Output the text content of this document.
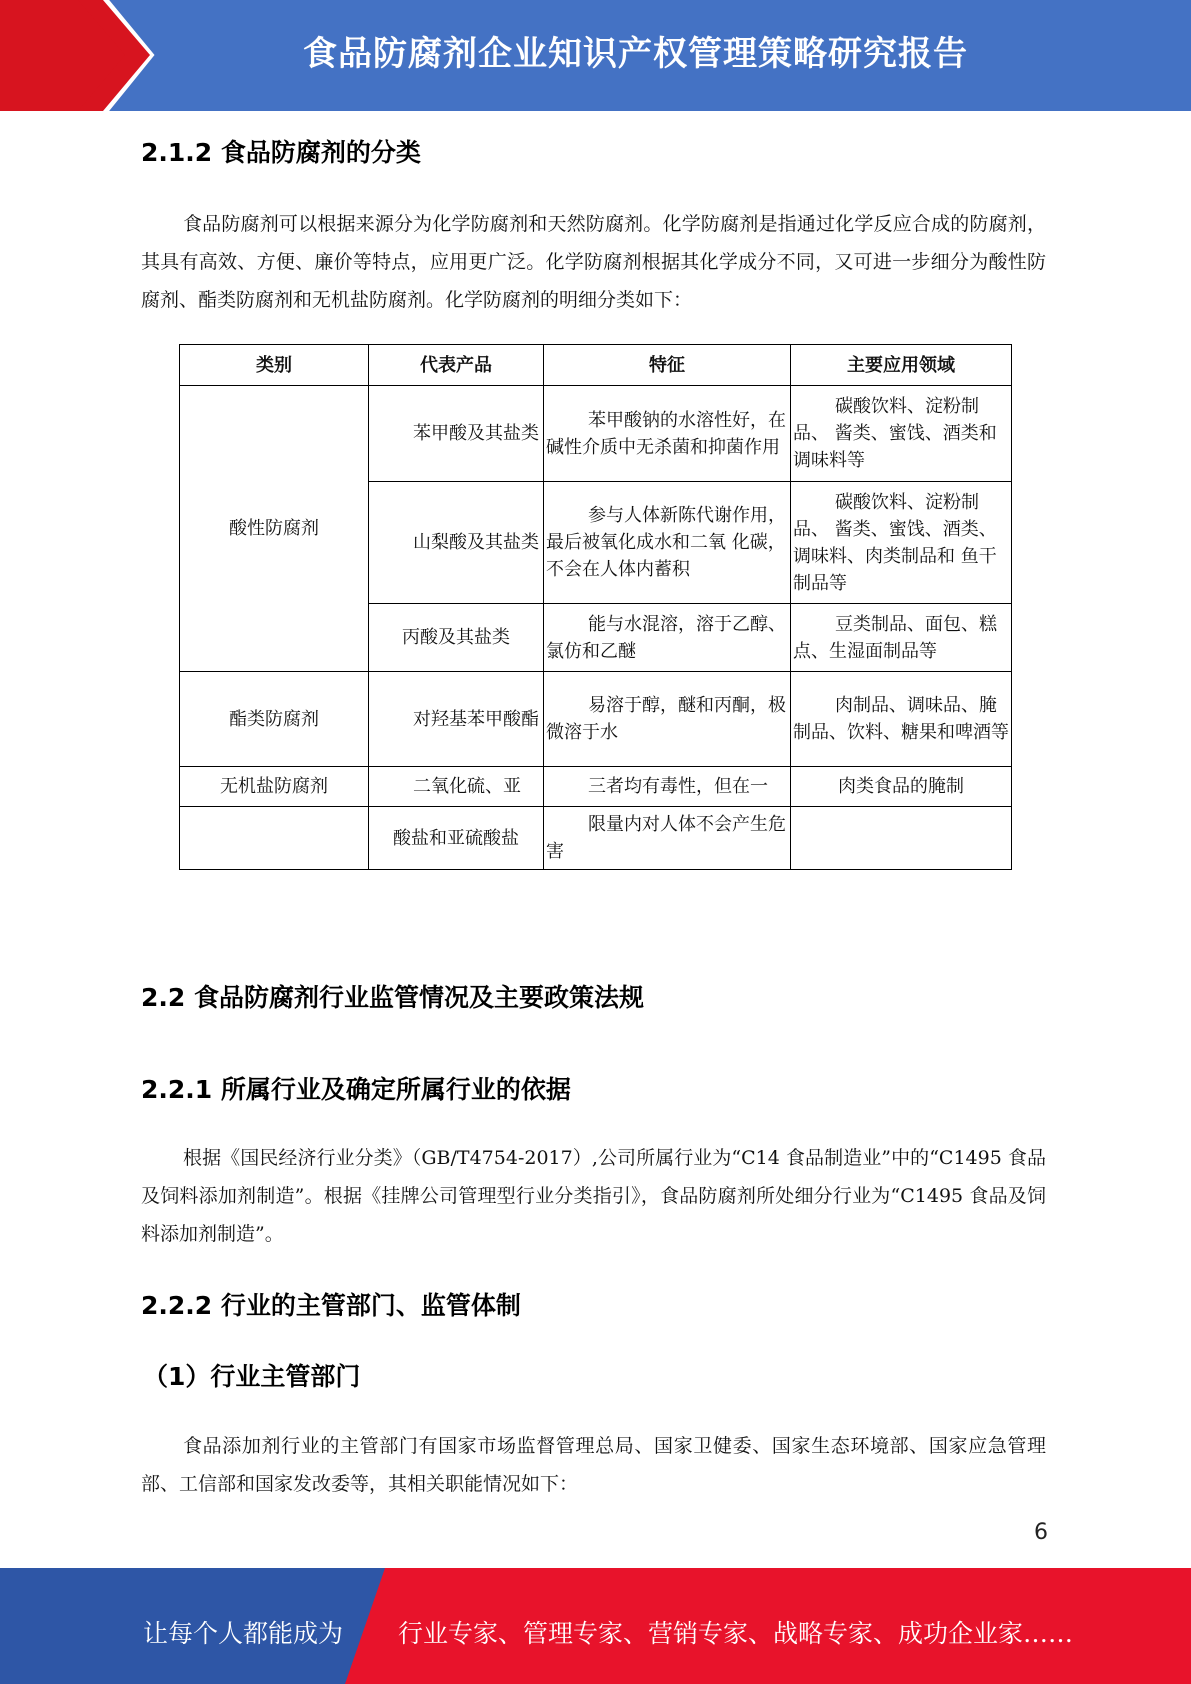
食品防腐剂企业知识产权管理策略研究报告
2.1.2 食品防腐剂的分类
食品防腐剂可以根据来源分为化学防腐剂和天然防腐剂。化学防腐剂是指通过化学反应合成的防腐剂，其具有高效、方便、廉价等特点，应用更广泛。化学防腐剂根据其化学成分不同，又可进一步细分为酸性防腐剂、酯类防腐剂和无机盐防腐剂。化学防腐剂的明细分类如下：
类别	代表产品	特征	主要应用领域
酸性防腐剂	苯甲酸及其盐类	苯甲酸钠的水溶性好，在 碱性介质中无杀菌和抑菌作用	碳酸饮料、淀粉制品、 酱类、蜜饯、酒类和 调味料等
	山梨酸及其盐类	参与人体新陈代谢作用， 最后被氧化成水和二氧 化碳，不会在人体内蓄积	碳酸饮料、淀粉制品、 酱类、蜜饯、酒类、 调味料、肉类制品和 鱼干制品等
	丙酸及其盐类	能与水混溶，溶于乙醇、氯仿和乙醚	豆类制品、面包、糕 点、生湿面制品等
酯类防腐剂	对羟基苯甲酸酯	易溶于醇，醚和丙酮，极 微溶于水	肉制品、调味品、腌 制品、饮料、糖果和啤酒等
无机盐防腐剂	二氧化硫、亚	三者均有毒性，但在一	肉类食品的腌制
	酸盐和亚硫酸盐	限量内对人体不会产生危害	
2.2 食品防腐剂行业监管情况及主要政策法规
2.2.1 所属行业及确定所属行业的依据
根据《国民经济行业分类》（GB/T4754-2017）,公司所属行业为“C14 食品制造业”中的“C1495 食品及饲料添加剂制造”。根据《挂牌公司管理型行业分类指引》，食品防腐剂所处细分行业为“C1495 食品及饲料添加剂制造”。
2.2.2 行业的主管部门、监管体制
（1）行业主管部门
食品添加剂行业的主管部门有国家市场监督管理总局、国家卫健委、国家生态环境部、国家应急管理部、工信部和国家发改委等，其相关职能情况如下：
6
让每个人都能成为 行业专家、管理专家、营销专家、战略专家、成功企业家……
